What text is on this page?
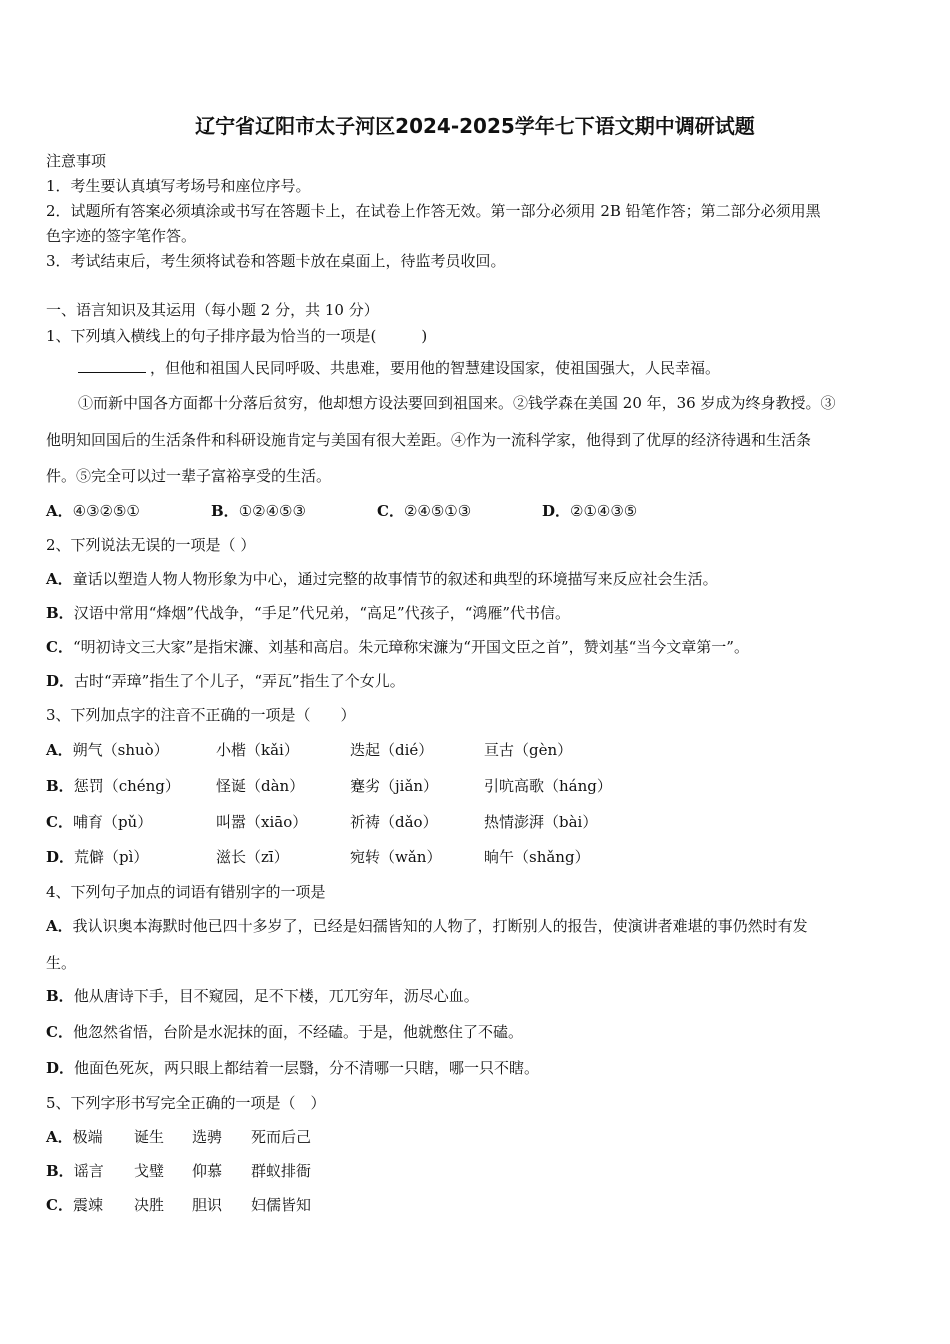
辽宁省辽阳市太子河区2024-2025学年七下语文期中调研试题
注意事项
1．考生要认真填写考场号和座位序号。
2．试题所有答案必须填涂或书写在答题卡上，在试卷上作答无效。第一部分必须用 2B 铅笔作答；第二部分必须用黑
色字迹的签字笔作答。
3．考试结束后，考生须将试卷和答题卡放在桌面上，待监考员收回。
一、语言知识及其运用（每小题 2 分，共 10 分）
1、下列填入横线上的句子排序最为恰当的一项是(　　　)
，但他和祖国人民同呼吸、共患难，要用他的智慧建设国家，使祖国强大，人民幸福。
①而新中国各方面都十分落后贫穷，他却想方设法要回到祖国来。②钱学森在美国 20 年，36 岁成为终身教授。③
他明知回国后的生活条件和科研设施肯定与美国有很大差距。④作为一流科学家，他得到了优厚的经济待遇和生活条
件。⑤完全可以过一辈子富裕享受的生活。
A．④③②⑤①	B．①②④⑤③	C．②④⑤①③	D．②①④③⑤
2、下列说法无误的一项是（ ）
A．童话以塑造人物人物形象为中心，通过完整的故事情节的叙述和典型的环境描写来反应社会生活。
B．汉语中常用“烽烟”代战争，“手足”代兄弟，“高足”代孩子，“鸿雁”代书信。
C．“明初诗文三大家”是指宋濂、刘基和高启。朱元璋称宋濂为“开国文臣之首”，赞刘基“当今文章第一”。
D．古时“弄璋”指生了个儿子，“弄瓦”指生了个女儿。
3、下列加点字的注音不正确的一项是（　　）
A．朔气（shuò）	小楷（kǎi）	迭起（dié）	亘古（gèn）
B．惩罚（chéng） 怪诞（dàn）	蹇劣（jiǎn）	引吭高歌（háng）
C．哺育（pǔ）	叫嚣（xiāo）	祈祷（dǎo）	热情澎湃（bài）
D．荒僻（pì）	滋长（zī）	宛转（wǎn）	晌午（shǎng）
4、下列句子加点的词语有错别字的一项是
A．我认识奥本海默时他已四十多岁了，已经是妇孺皆知的人物了，打断别人的报告，使演讲者难堪的事仍然时有发
生。
B．他从唐诗下手，目不窥园，足不下楼，兀兀穷年，沥尽心血。
C．他忽然省悟，台阶是水泥抹的面，不经磕。于是，他就憋住了不磕。
D．他面色死灰，两只眼上都结着一层翳，分不清哪一只瞎，哪一只不瞎。
5、下列字形书写完全正确的一项是（　）
A．极端 诞生 选骋 死而后己
B．谣言 戈璧 仰慕 群蚁排衙
C．震竦 决胜 胆识 妇儒皆知
